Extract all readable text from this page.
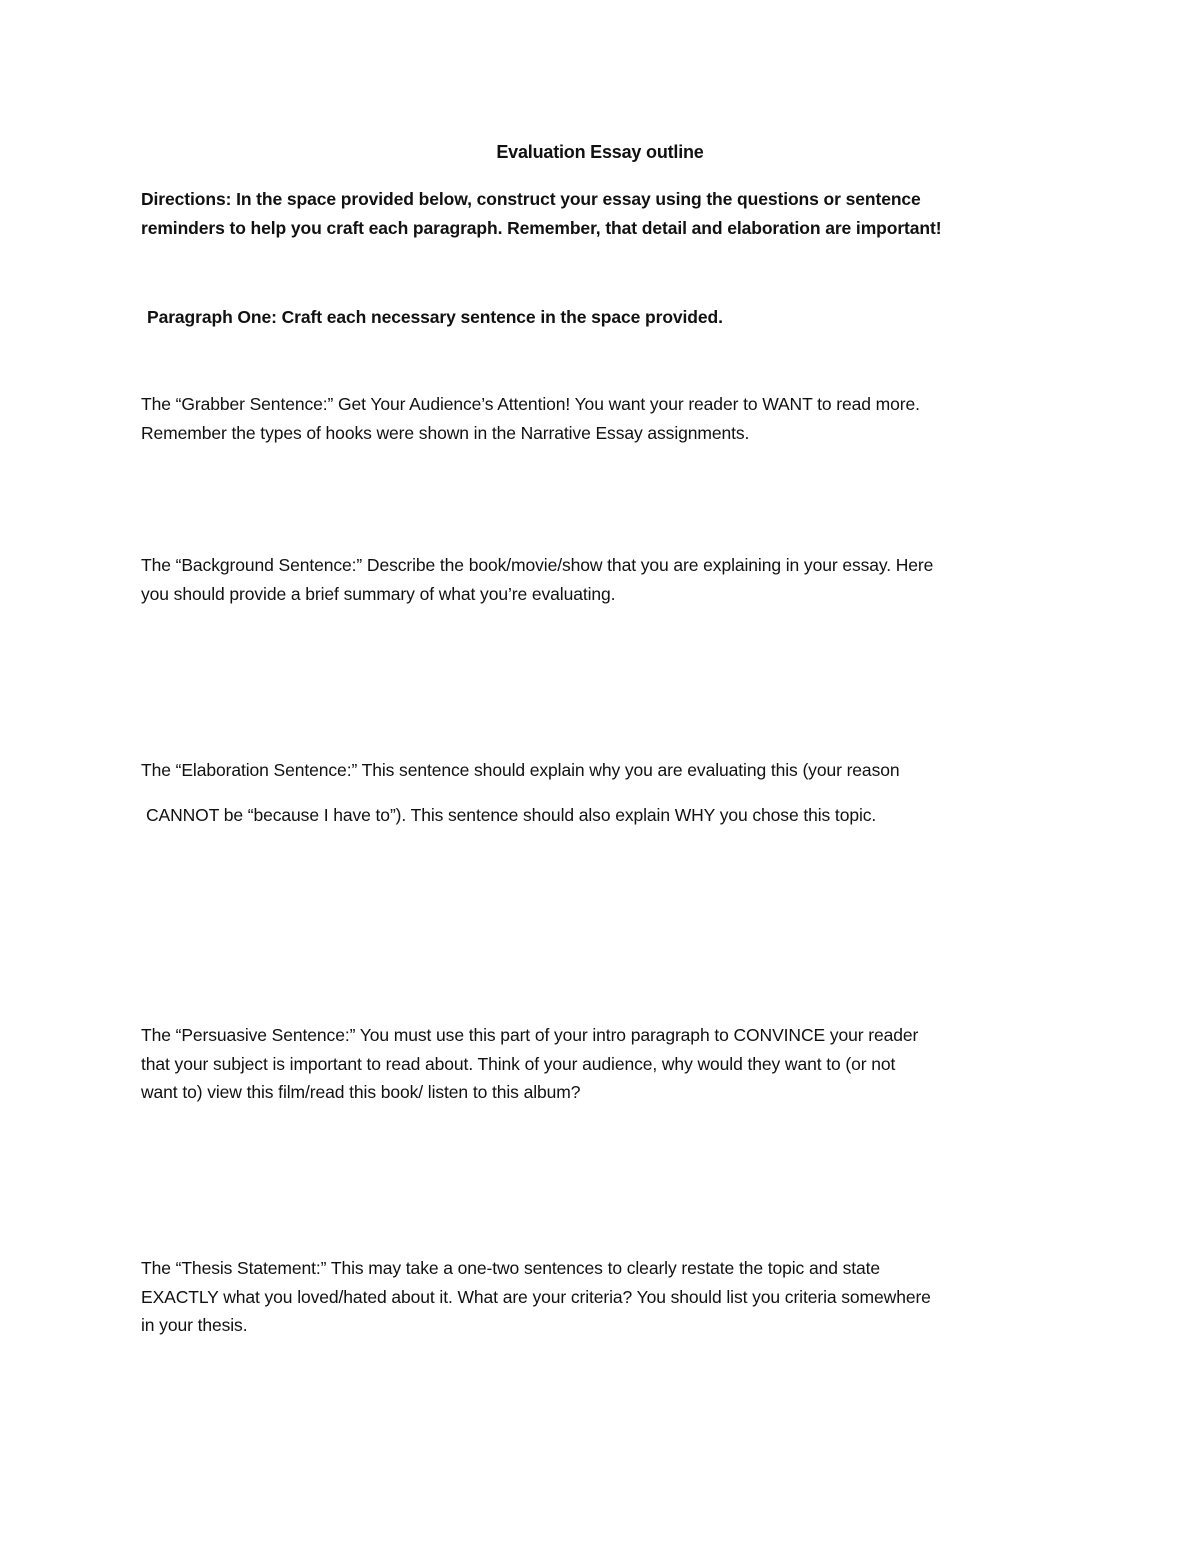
Evaluation Essay outline
Directions: In the space provided below, construct your essay using the questions or sentence
reminders to help you craft each paragraph. Remember, that detail and elaboration are important!
Paragraph One: Craft each necessary sentence in the space provided.
The “Grabber Sentence:” Get Your Audience’s Attention! You want your reader to WANT to read more.
Remember the types of hooks were shown in the Narrative Essay assignments.
The “Background Sentence:” Describe the book/movie/show that you are explaining in your essay. Here
you should provide a brief summary of what you’re evaluating.
The “Elaboration Sentence:” This sentence should explain why you are evaluating this (your reason
CANNOT be “because I have to”). This sentence should also explain WHY you chose this topic.
The “Persuasive Sentence:” You must use this part of your intro paragraph to CONVINCE your reader
that your subject is important to read about. Think of your audience, why would they want to (or not
want to) view this film/read this book/ listen to this album?
The “Thesis Statement:” This may take a one-two sentences to clearly restate the topic and state
EXACTLY what you loved/hated about it. What are your criteria? You should list you criteria somewhere
in your thesis.
